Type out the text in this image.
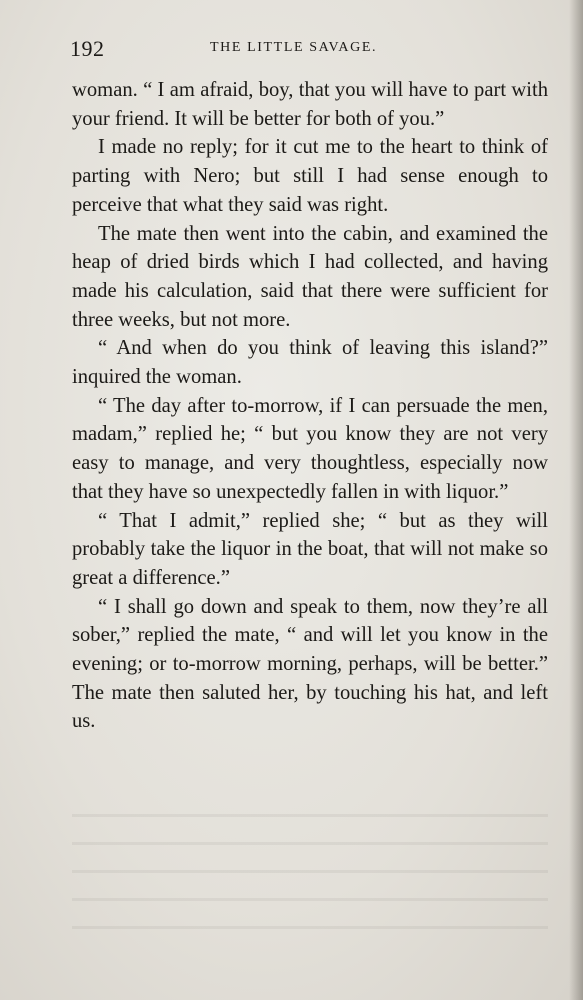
192	THE LITTLE SAVAGE.

woman. “ I am afraid, boy, that you will have to part with your friend. It will be better for both of you.”

I made no reply; for it cut me to the heart to think of parting with Nero; but still I had sense enough to perceive that what they said was right.

The mate then went into the cabin, and examined the heap of dried birds which I had collected, and having made his calculation, said that there were sufficient for three weeks, but not more.

“ And when do you think of leaving this island?” inquired the woman.

“ The day after to-morrow, if I can persuade the men, madam,” replied he; “ but you know they are not very easy to manage, and very thoughtless, especially now that they have so unexpectedly fallen in with liquor.”

“ That I admit,” replied she; “ but as they will probably take the liquor in the boat, that will not make so great a difference.”

“ I shall go down and speak to them, now they’re all sober,” replied the mate, “ and will let you know in the evening; or to-morrow morning, perhaps, will be better.” The mate then saluted her, by touching his hat, and left us.
